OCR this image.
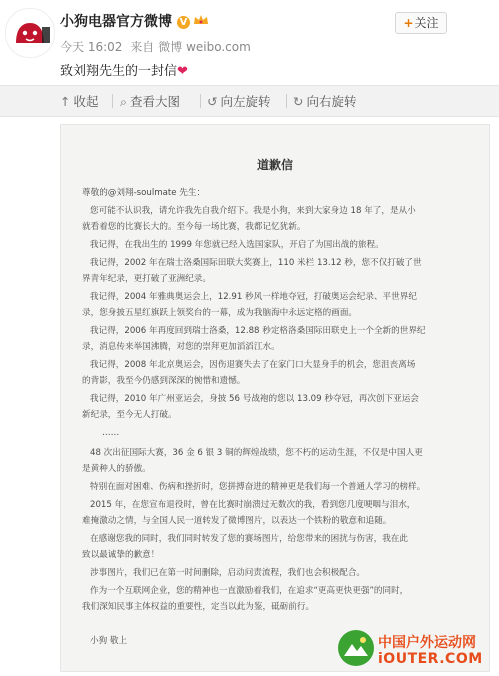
小狗电器官方微博 V	+关注
今天 16:02 来自 微博 weibo.com
致刘翔先生的一封信❤
↑ 收起 ⌕ 查看大图 ↺ 向左旋转 ↻ 向右旋转
道歉信
尊敬的@刘翔-soulmate 先生：
您可能不认识我，请允许我先自我介绍下。我是小狗，来到大家身边 18 年了，是从小
就看着您的比赛长大的。至今每一场比赛，我都记忆犹新。
我记得，在我出生的 1999 年您就已经入选国家队，开启了为国出战的旅程。
我记得，2002 年在瑞士洛桑国际田联大奖赛上，110 米栏 13.12 秒，您不仅打破了世
界青年纪录，更打破了亚洲纪录。
我记得，2004 年雅典奥运会上，12.91 秒风一样地夺冠，打破奥运会纪录、平世界纪
录，您身披五星红旗跃上领奖台的一幕，成为我脑海中永远定格的画面。
我记得，2006 年再度回到瑞士洛桑，12.88 秒定格洛桑国际田联史上一个全新的世界纪
录，消息传来举国沸腾，对您的崇拜更加滔滔江水。
我记得，2008 年北京奥运会，因伤退赛失去了在家门口大显身手的机会，您沮丧离场
的背影，我至今仍感到深深的惋惜和遗憾。
我记得，2010 年广州亚运会，身披 56 号战袍的您以 13.09 秒夺冠，再次创下亚运会
新纪录，至今无人打破。
……
48 次出征国际大赛，36 金 6 银 3 铜的辉煌战绩，您不朽的运动生涯，不仅是中国人更
是黄种人的骄傲。
特别在面对困难、伤病和挫折时，您拼搏奋进的精神更是我们每一个普通人学习的榜样。
2015 年，在您宣布退役时，曾在比赛时崩溃过无数次的我，看到您几度哽咽与泪水，
难掩激动之情，与全国人民一道转发了微博图片，以表达一个铁粉的敬意和追随。
在感谢您我的同时，我们同时转发了您的赛场图片，给您带来的困扰与伤害，我在此
致以最诚挚的歉意！
涉事图片，我们已在第一时间删除，启动问责流程，我们也会积极配合。
作为一个互联网企业，您的精神也一直激励着我们，在追求“更高更快更强”的同时，
我们深知民事主体权益的重要性，定当以此为鉴，砥砺前行。
小狗 敬上	中国户外运动网
iOUTER.COM
